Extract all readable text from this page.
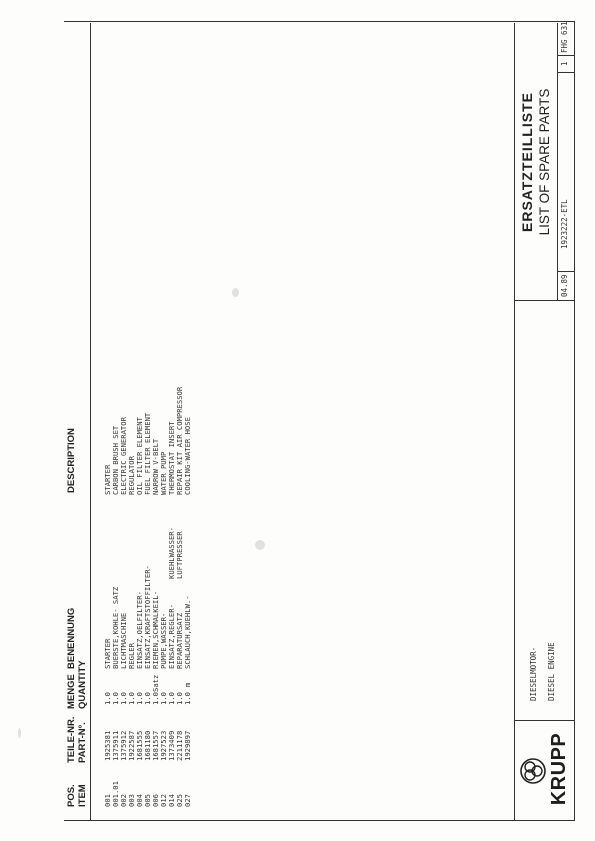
POS. ITEM
TEILE-NR. PART-Nº.
MENGE QUANTITY
BENENNUNG
DESCRIPTION
001
1925381
1.0
STARTER
STARTER
001.01
1375911
1.0
BUERSTE,KOHLE- SATZ
CARBON BRUSH SET
002
1375912
1.0
LICHTMASCHINE
ELECTRIC GENERATOR
003
1922587
1.0
REGLER
REGULATOR
004
1681555
1.0
EINSATZ,OELFILTER-
OIL FILTER ELEMENT
005
1681180
1.0
EINSATZ,KRAFTSTOFFILTER-
FUEL FILTER ELEMENT
006
1681557
Satz
1.0
RIEMEN,SCHMALKEIL-
NARROW V-BELT
012
1927523
1.0
PUMPE,WASSER-
WATER PUMP
014
1373409
1.0
EINSATZ,REGLER-
KUEHLWASSER-
THERMOSTAT INSERT
025
2211178
1.0
REPARATURSATZ
LUFTPRESSER
REPAIR KIT AIR COMPRESSOR
027
1929897
m
1.0
SCHLAUCH,KUEHLW.-
COOLING-WATER HOSE
KRUPP
DIESELMOTOR- DIESEL ENGINE
ERSATZTEILLISTE LIST OF SPARE PARTS
04.89
1923222-ETL
1
FHG 631
